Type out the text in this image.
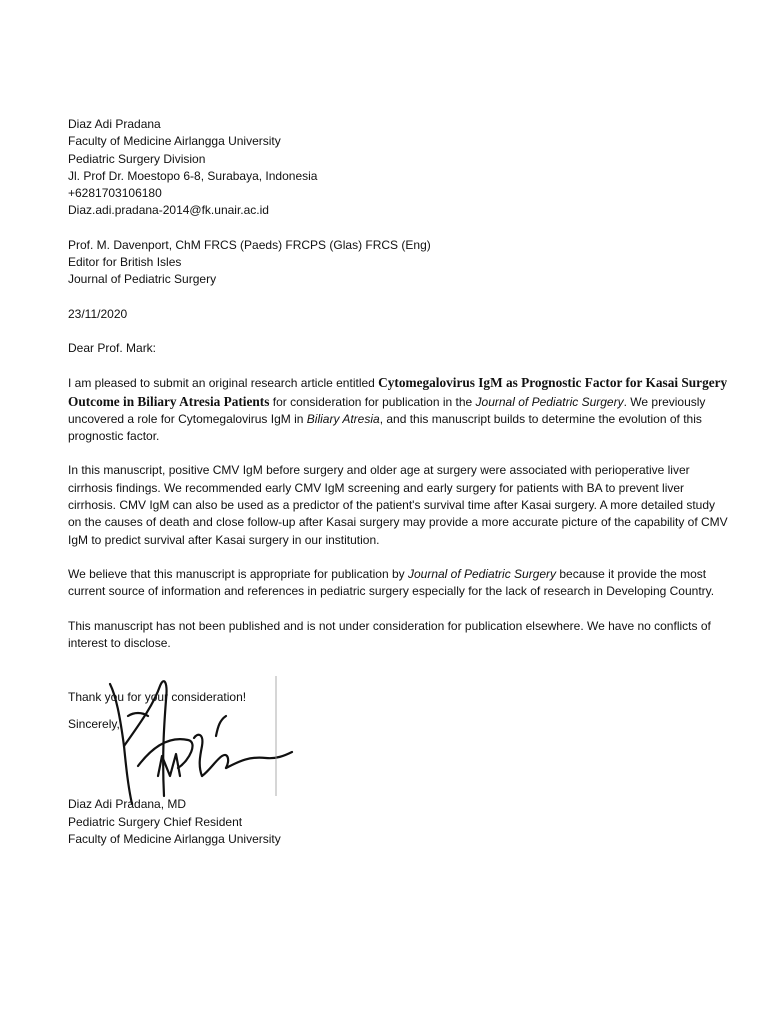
Diaz Adi Pradana
Faculty of Medicine Airlangga University
Pediatric Surgery Division
Jl. Prof Dr. Moestopo 6-8, Surabaya, Indonesia
+6281703106180
Diaz.adi.pradana-2014@fk.unair.ac.id
Prof. M. Davenport, ChM FRCS (Paeds) FRCPS (Glas) FRCS (Eng)
Editor for British Isles
Journal of Pediatric Surgery
23/11/2020

Dear Prof. Mark:

I am pleased to submit an original research article entitled Cytomegalovirus IgM as Prognostic Factor for Kasai Surgery Outcome in Biliary Atresia Patients for consideration for publication in the Journal of Pediatric Surgery. We previously uncovered a role for Cytomegalovirus IgM in Biliary Atresia, and this manuscript builds to determine the evolution of this prognostic factor.

In this manuscript, positive CMV IgM before surgery and older age at surgery were associated with perioperative liver cirrhosis findings. We recommended early CMV IgM screening and early surgery for patients with BA to prevent liver cirrhosis. CMV IgM can also be used as a predictor of the patient's survival time after Kasai surgery. A more detailed study on the causes of death and close follow-up after Kasai surgery may provide a more accurate picture of the capability of CMV IgM to predict survival after Kasai surgery in our institution.

We believe that this manuscript is appropriate for publication by Journal of Pediatric Surgery because it provide the most current source of information and references in pediatric surgery especially for the lack of research in Developing Country.

This manuscript has not been published and is not under consideration for publication elsewhere. We have no conflicts of interest to disclose.

Thank you for your consideration!

Sincerely,
Diaz Adi Pradana, MD
Pediatric Surgery Chief Resident
Faculty of Medicine Airlangga University
